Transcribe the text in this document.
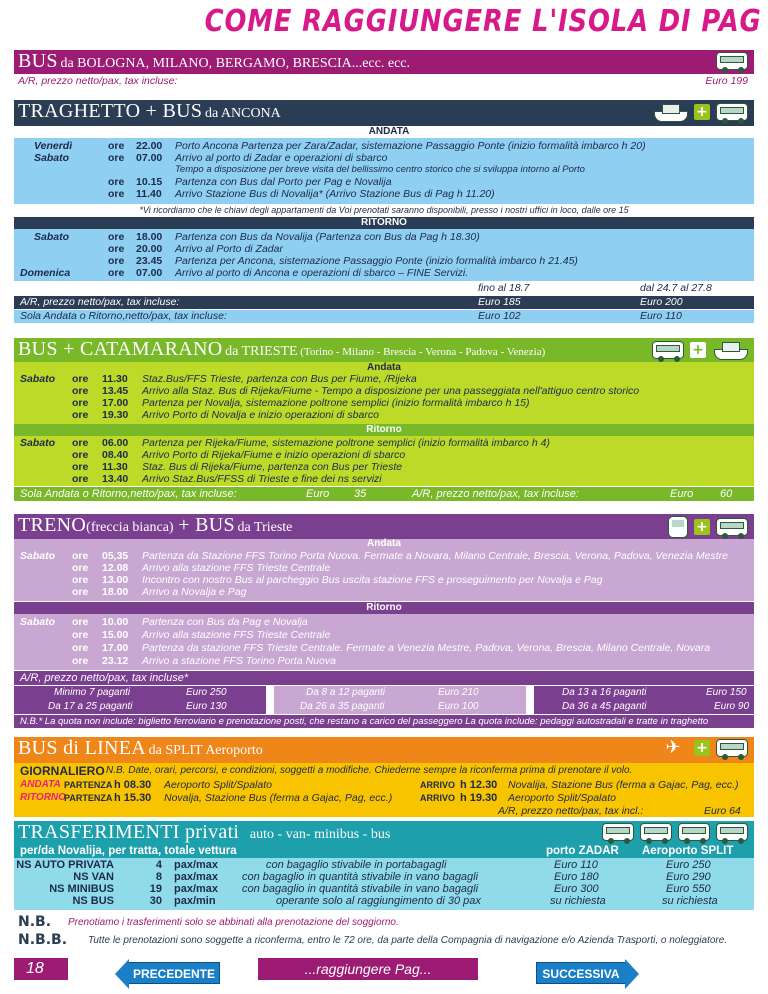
COME RAGGIUNGERE L'ISOLA DI PAG
BUS da BOLOGNA, MILANO, BERGAMO, BRESCIA...ecc. ecc.
A/R, prezzo netto/pax, tax incluse:	Euro 199
TRAGHETTO + BUS da ANCONA	+
ANDATA
Venerdì	ore 22.00 Porto Ancona Partenza per Zara/Zadar, sistemazione Passaggio Ponte (inizio formalità imbarco h 20)
Sabato	ore 07.00 Arrivo al porto di Zadar e operazioni di sbarco
Tempo a disposizione per breve visita del bellissimo centro storico che si sviluppa intorno al Porto
ore 10.15 Partenza con Bus dal Porto per Pag e Novalija
ore 11.40 Arrivo Stazione Bus di Novalija* (Arrivo Stazione Bus di Pag h 11.20)
*Vi ricordiamo che le chiavi degli appartamenti da Voi prenotati saranno disponibili, presso i nostri uffici in loco, dalle ore 15
RITORNO
Sabato	ore 18.00 Partenza con Bus da Novalija (Partenza con Bus da Pag h 18.30)
ore 20.00 Arrivo al Porto di Zadar
ore 23.45 Partenza per Ancona, sistemazione Passaggio Ponte (inizio formalità imbarco h 21.45)
Domenica	ore 07.00 Arrivo al porto di Ancona e operazioni di sbarco – FINE Servizi.
fino al 18.7	dal 24.7 al 27.8
A/R, prezzo netto/pax, tax incluse:	Euro 185	Euro 200
Sola Andata o Ritorno,netto/pax, tax incluse:	Euro 102	Euro 110
BUS + CATAMARANO da TRIESTE (Torino - Milano - Brescia - Verona - Padova - Venezia)	+
Andata
Sabato ore 11.30 Staz.Bus/FFS Trieste, partenza con Bus per Fiume, /Rijeka
ore 13.45 Arrivo alla Staz. Bus di Rijeka/Fiume - Tempo a disposizione per una passeggiata nell'attiguo centro storico
ore 17.00 Partenza per Novalja, sistemazione poltrone semplici (inizio formalità imbarco h 15)
ore 19.30 Arrivo Porto di Novalja e inizio operazioni di sbarco
Ritorno
Sabato ore 06.00 Partenza per Rijeka/Fiume, sistemazione poltrone semplici (inizio formalità imbarco h 4)
ore 08.40 Arrivo Porto di Rijeka/Fiume e inizio operazioni di sbarco
ore 11.30 Staz. Bus di Rijeka/Fiume, partenza con Bus per Trieste
ore 13.40 Arrivo Staz.Bus/FFSS di Trieste e fine dei ns servizi
Sola Andata o Ritorno,netto/pax, tax incluse:	Euro 35	A/R, prezzo netto/pax, tax incluse:	Euro 60
TRENO(freccia bianca) + BUS da Trieste	+
Andata
Sabato ore 05,35 Partenza da Stazione FFS Torino Porta Nuova. Fermate a Novara, Milano Centrale, Brescia, Verona, Padova, Venezia Mestre
ore 12.08 Arrivo alla stazione FFS Trieste Centrale
ore 13.00 Incontro con nostro Bus al parcheggio Bus uscita stazione FFS e proseguimento per Novalja e Pag
ore 18.00 Arrivo a Novalja e Pag
Ritorno
Sabato ore 10.00 Partenza con Bus da Pag e Novalja
ore 15.00 Arrivo alla stazione FFS Trieste Centrale
ore 17.00 Partenza da stazione FFS Trieste Centrale. Fermate a Venezia Mestre, Padova, Verona, Brescia, Milano Centrale, Novara
ore 23.12 Arrivo a stazione FFS Torino Porta Nuova
A/R, prezzo netto/pax, tax incluse*
Minimo 7 paganti	Euro 250
Da 17 a 25 paganti	Euro 130
Da 8 a 12 paganti	Euro 210
Da 26 a 35 paganti	Euro 100
Da 13 a 16 paganti	Euro 150
Da 36 a 45 paganti	Euro 90
N.B.* La quota non include: biglietto ferroviario e prenotazione posti, che restano a carico del passeggero La quota include: pedaggi autostradali e tratte in traghetto
BUS di LINEA da SPLIT Aeroporto	✈	+
GIORNALIERO N.B. Date, orari, percorsi, e condizioni, soggetti a modifiche. Chiederne sempre la riconferma prima di prenotare il volo.
ANDATA PARTENZA h 08.30 Aeroporto Split/Spalato	ARRIVO h 12.30 Novalija, Stazione Bus (ferma a Gajac, Pag, ecc.)
RITORNO
PARTENZA h 15.30 Novalja, Stazione Bus (ferma a Gajac, Pag, ecc.)	ARRIVO h 19.30 Aeroporto Split/Spalato
A/R, prezzo netto/pax, tax incl.:	Euro 64
TRASFERIMENTI privati auto - van- minibus - bus
per/da Novalija, per tratta, totale vettura	porto ZADAR Aeroporto SPLIT
NS AUTO PRIVATA	4 pax/max	con bagaglio stivabile in portabagagli	Euro 110	Euro 250
NS VAN	8 pax/max con bagaglio in quantità stivabile in vano bagagli	Euro 180	Euro 290
NS MINIBUS	19 pax/max con bagaglio in quantità stivabile in vano bagagli	Euro 300	Euro 550
NS BUS	30 pax/min	operante solo al raggiungimento di 30 pax	su richiesta	su richiesta
N.B. Prenotiamo i trasferimenti solo se abbinati alla prenotazione del soggiorno.
N.B.B. Tutte le prenotazioni sono soggette a riconferma, entro le 72 ore, da parte della Compagnia di navigazione e/o Azienda Trasporti, o noleggiatore.
18	PRECEDENTE	...raggiungere Pag...	SUCCESSIVA
